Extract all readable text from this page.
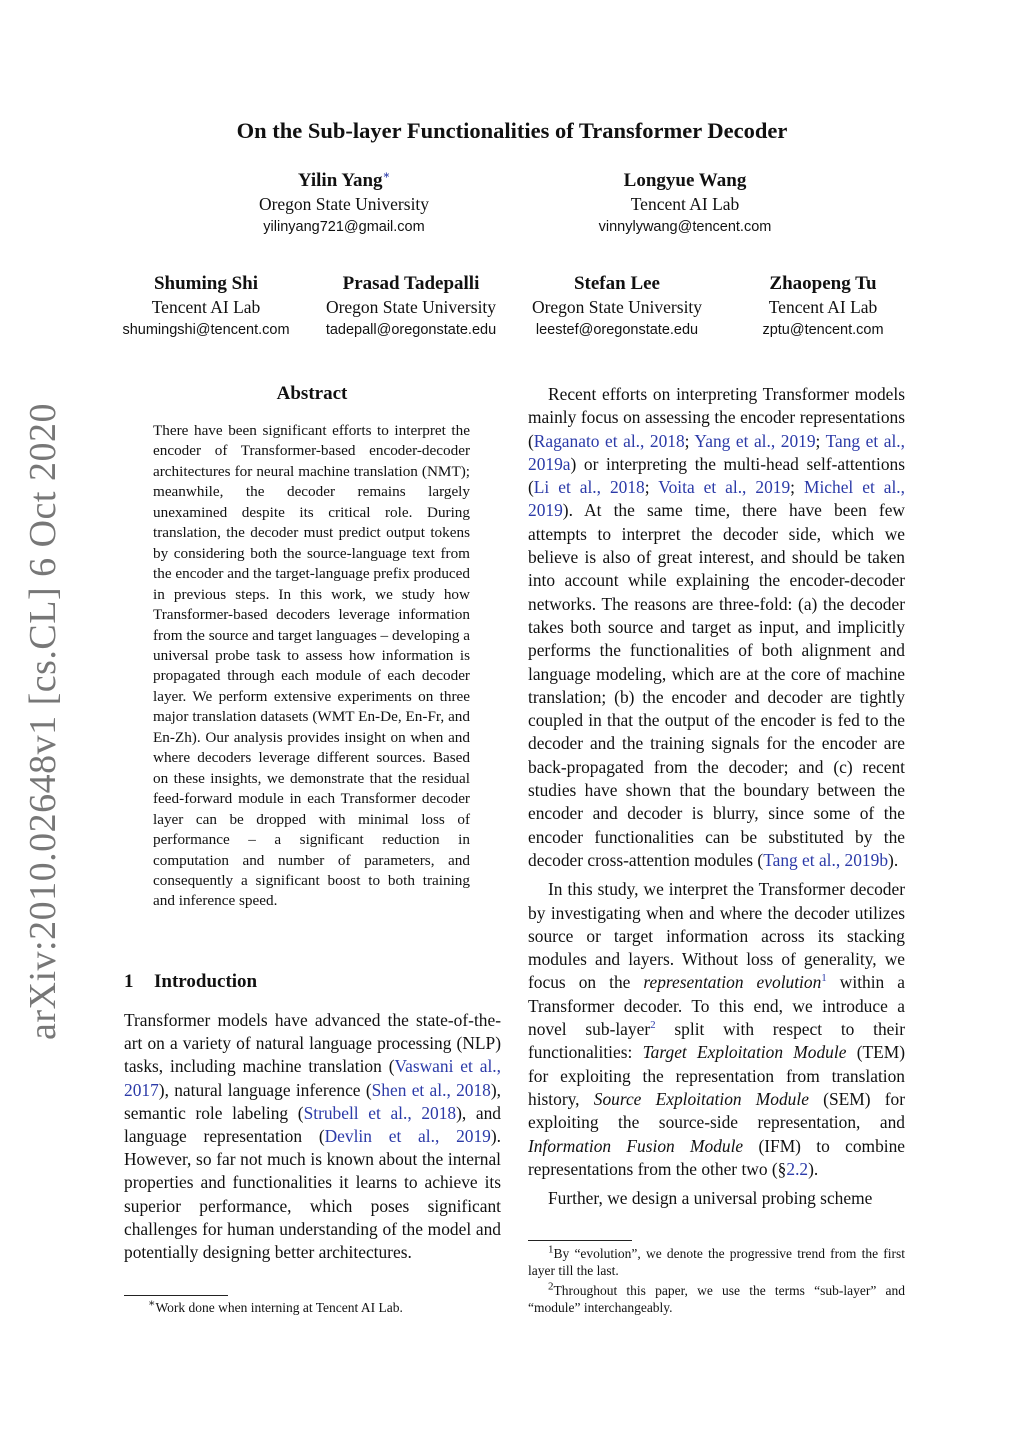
On the Sub-layer Functionalities of Transformer Decoder
Yilin Yang∗
Oregon State University
yilinyang721@gmail.com
Longyue Wang
Tencent AI Lab
vinnylywang@tencent.com
Shuming Shi
Tencent AI Lab
shumingshi@tencent.com
Prasad Tadepalli
Oregon State University
tadepall@oregonstate.edu
Stefan Lee
Oregon State University
leestef@oregonstate.edu
Zhaopeng Tu
Tencent AI Lab
zptu@tencent.com
arXiv:2010.02648v1 [cs.CL] 6 Oct 2020
Abstract
There have been significant efforts to interpret the encoder of Transformer-based encoder-decoder architectures for neural machine translation (NMT); meanwhile, the decoder remains largely unexamined despite its critical role. During translation, the decoder must predict output tokens by considering both the source-language text from the encoder and the target-language prefix produced in previous steps. In this work, we study how Transformer-based decoders leverage information from the source and target languages – developing a universal probe task to assess how information is propagated through each module of each decoder layer. We perform extensive experiments on three major translation datasets (WMT En-De, En-Fr, and En-Zh). Our analysis provides insight on when and where decoders leverage different sources. Based on these insights, we demonstrate that the residual feed-forward module in each Transformer decoder layer can be dropped with minimal loss of performance – a significant reduction in computation and number of parameters, and consequently a significant boost to both training and inference speed.
1 Introduction
Transformer models have advanced the state-of-the-art on a variety of natural language processing (NLP) tasks, including machine translation (Vaswani et al., 2017), natural language inference (Shen et al., 2018), semantic role labeling (Strubell et al., 2018), and language representation (Devlin et al., 2019). However, so far not much is known about the internal properties and functionalities it learns to achieve its superior performance, which poses significant challenges for human understanding of the model and potentially designing better architectures.
∗Work done when interning at Tencent AI Lab.

Recent efforts on interpreting Transformer models mainly focus on assessing the encoder representations (Raganato et al., 2018; Yang et al., 2019; Tang et al., 2019a) or interpreting the multi-head self-attentions (Li et al., 2018; Voita et al., 2019; Michel et al., 2019). At the same time, there have been few attempts to interpret the decoder side, which we believe is also of great interest, and should be taken into account while explaining the encoder-decoder networks. The reasons are three-fold: (a) the decoder takes both source and target as input, and implicitly performs the functionalities of both alignment and language modeling, which are at the core of machine translation; (b) the encoder and decoder are tightly coupled in that the output of the encoder is fed to the decoder and the training signals for the encoder are back-propagated from the decoder; and (c) recent studies have shown that the boundary between the encoder and decoder is blurry, since some of the encoder functionalities can be substituted by the decoder cross-attention modules (Tang et al., 2019b).

In this study, we interpret the Transformer decoder by investigating when and where the decoder utilizes source or target information across its stacking modules and layers. Without loss of generality, we focus on the representation evolution$^1$ within a Transformer decoder. To this end, we introduce a novel sub-layer$^2$ split with respect to their functionalities: Target Exploitation Module (TEM) for exploiting the representation from translation history, Source Exploitation Module (SEM) for exploiting the source-side representation, and Information Fusion Module (IFM) to combine representations from the other two (§2.2).

Further, we design a universal probing scheme

$^1$By “evolution”, we denote the progressive trend from the first layer till the last.
$^2$Throughout this paper, we use the terms “sub-layer” and “module” interchangeably.
